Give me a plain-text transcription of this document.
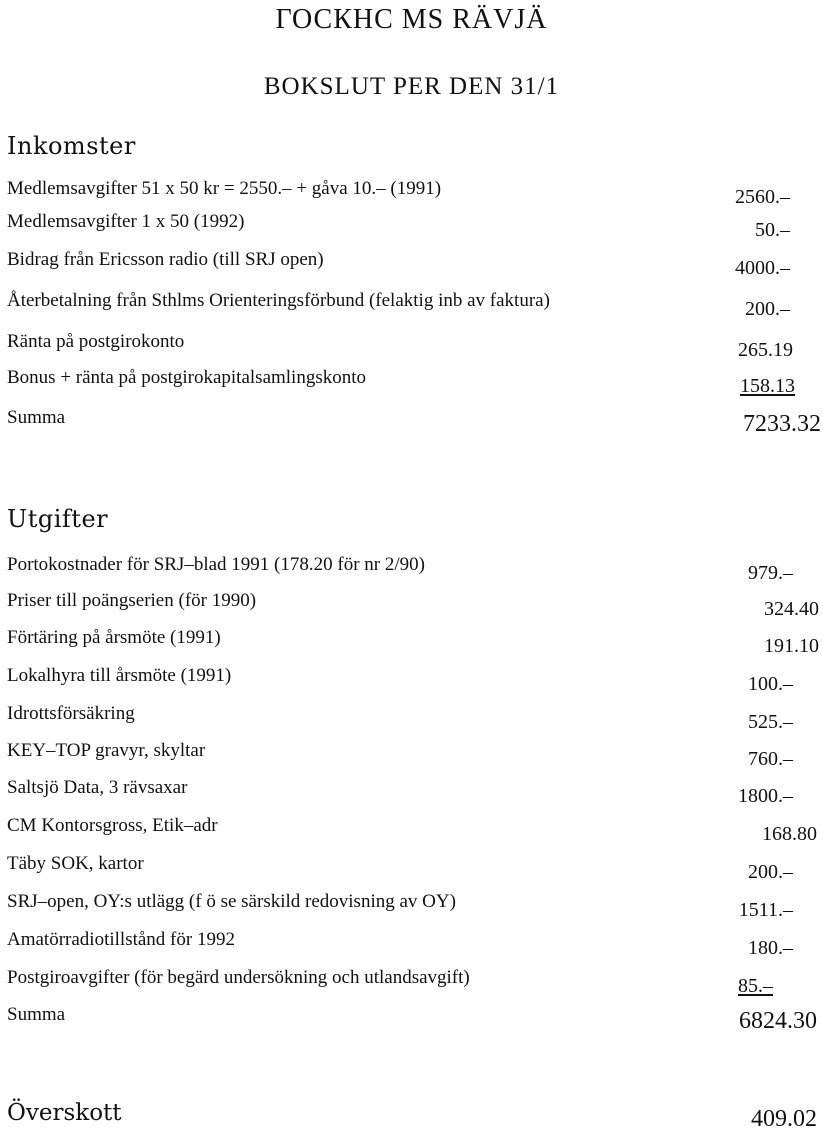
ГОСКНС MS RÄVJÄ
BOKSLUT PER DEN 31/1
Inkomster
Medlemsavgifter 51 x 50 kr = 2550.– + gåva 10.– (1991)	2560.–
Medlemsavgifter 1 x 50 (1992)	50.–
Bidrag från Ericsson radio (till SRJ open)	4000.–
Återbetalning från Sthlms Orienteringsförbund (felaktig inb av faktura)	200.–
Ränta på postgirokonto	265.19
Bonus + ränta på postgirokapitalsamlingskonto	158.13
Summa	7233.32
Utgifter
Portokostnader för SRJ–blad 1991 (178.20 för nr 2/90)	979.–
Priser till poängserien (för 1990)	324.40
Förtäring på årsmöte (1991)	191.10
Lokalhyra till årsmöte (1991)	100.–
Idrottsförsäkring	525.–
KEY–TOP gravyr, skyltar	760.–
Saltsjö Data, 3 rävsaxar	1800.–
CM Kontorsgross, Etik–adr	168.80
Täby SOK, kartor	200.–
SRJ–open, OY:s utlägg (f ö se särskild redovisning av OY)	1511.–
Amatörradiotillstånd för 1992	180.–
Postgiroavgifter (för begärd undersökning och utlandsavgift)	85.–
Summa	6824.30
Överskott	409.02
